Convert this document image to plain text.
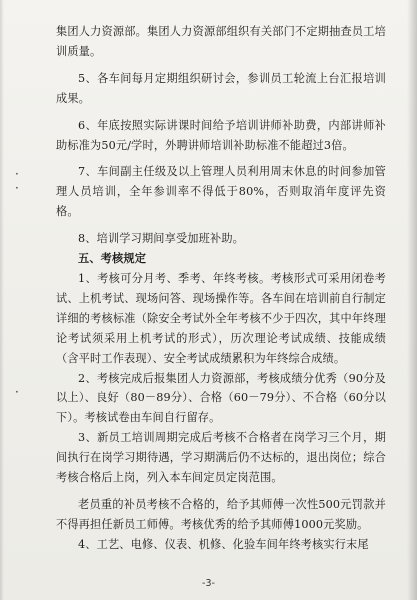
·
·
·

集团人力资源部。集团人力资源部组织有关部门不定期抽查员工培训质量。

5、各车间每月定期组织研讨会，参训员工轮流上台汇报培训成果。

6、年底按照实际讲课时间给予培训讲师补助费，内部讲师补助标准为50元/学时，外聘讲师培训补助标准不能超过3倍。

7、车间副主任级及以上管理人员利用周末休息的时间参加管理人员培训，全年参训率不得低于80%，否则取消年度评先资格。

8、培训学习期间享受加班补助。

五、考核规定

1、考核可分月考、季考、年终考核。考核形式可采用闭卷考试、上机考试、现场问答、现场操作等。各车间在培训前自行制定详细的考核标准（除安全考试外全年考核不少于四次，其中年终理论考试须采用上机考试的形式），历次理论考试成绩、技能成绩（含平时工作表现）、安全考试成绩累积为年终综合成绩。

2、考核完成后报集团人力资源部，考核成绩分优秀（90分及以上）、良好（80－89分）、合格（60－79分）、不合格（60分以下）。考核试卷由车间自行留存。

3、新员工培训周期完成后考核不合格者在岗学习三个月，期间执行在岗学习期待遇，学习期满后仍不达标的，退出岗位；综合考核合格后上岗，列入本车间定员定岗范围。

老员重的补员考核不合格的，给予其师傅一次性500元罚款并不得再担任新员工师傅。考核优秀的给予其师傅1000元奖励。

4、工艺、电修、仪表、机修、化验车间年终考核实行末尾

-3-
